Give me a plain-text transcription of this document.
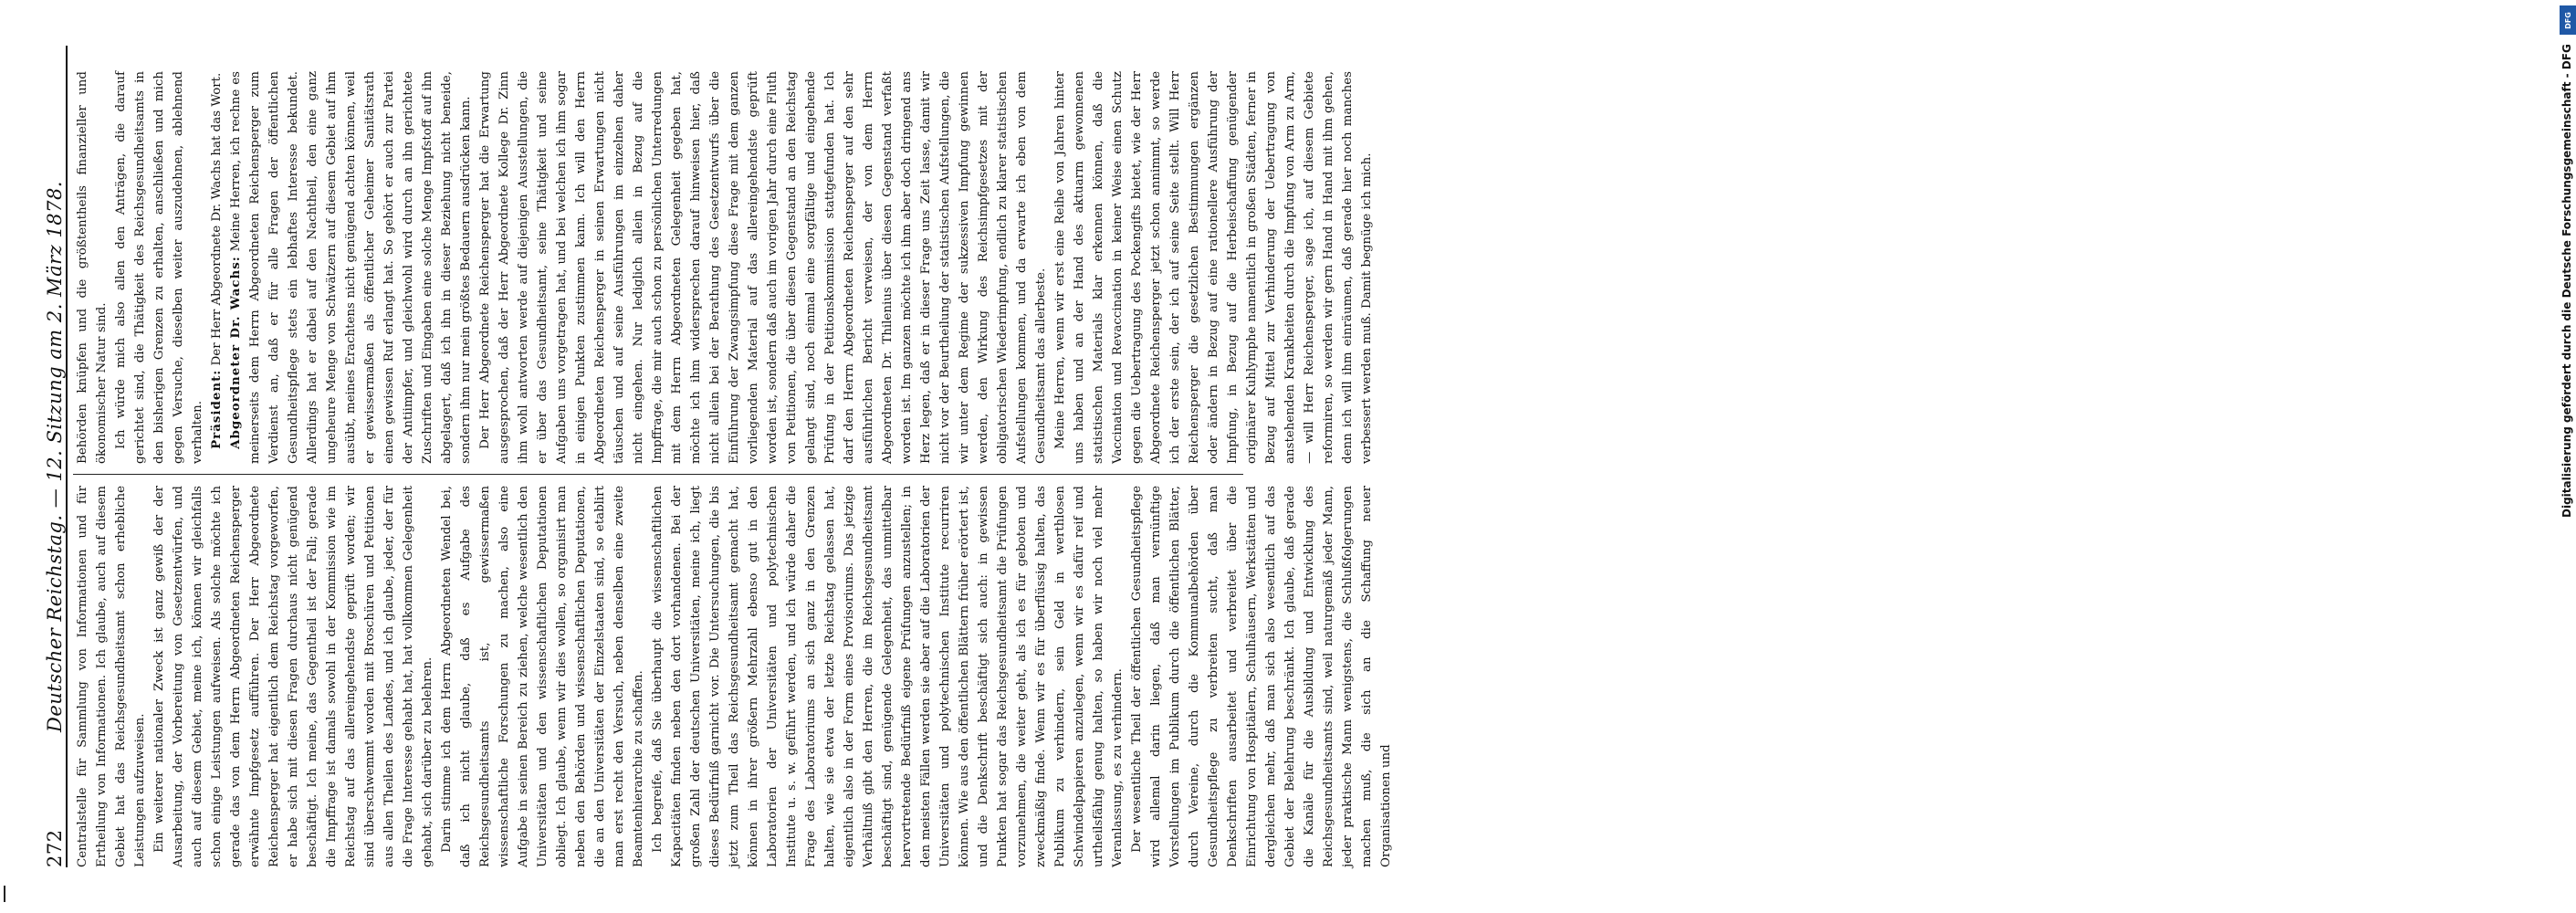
272
Deutscher Reichstag. — 12. Sitzung am 2. März 1878. Centralstelle für Sammlung von Informationen und für Ertheilung von Informationen. Ich glaube, auch auf diesem Gebiet hat das Reichsgesundheitsamt schon erhebliche Leistungen aufzuweisen. Ein weiterer nationaler Zweck ist ganz gewiß der der Ausarbeitung, der Vorbereitung von Gesetzentwürfen, und auch auf diesem Gebiet, meine ich, können wir gleichfalls schon einige Leistungen aufweisen. Als solche möchte ich gerade das von dem Herrn Abgeordneten Reichensperger erwähnte Impfgesetz aufführen. Der Herr Abgeordnete Reichensperger hat eigentlich dem Reichstag vorgeworfen, er habe sich mit diesen Fragen durchaus nicht genügend beschäftigt. Ich meine, das Gegentheil ist der Fall; gerade die Impffrage ist damals sowohl in der Kommission wie im Reichstag auf das allereingehendste geprüft worden; wir sind überschwemmt worden mit Broschüren und Petitionen aus allen Theilen des Landes, und ich glaube, jeder, der für die Frage Interesse gehabt hat, hat vollkommen Gelegenheit gehabt, sich darüber zu belehren. Darin stimme ich dem Herrn Abgeordneten Wendel bei, daß ich nicht glaube, daß es Aufgabe des Reichsgesundheitsamts ist, gewissermaßen wissenschaftliche Forschungen zu machen, also eine Aufgabe in seinen Bereich zu ziehen, welche wesentlich den Universitäten und den wissenschaftlichen Deputationen obliegt. Ich glaube, wenn wir dies wollen, so organisirt man neben den Behörden und wissenschaftlichen Deputationen, die an den Universitäten der Einzelstaaten sind, so etablirt man erst recht den Versuch, neben denselben eine zweite Beamtenhierarchie zu schaffen. Ich begreife, daß Sie überhaupt die wissenschaftlichen Kapacitäten finden neben den dort vorhandenen. Bei der großen Zahl der deutschen Universitäten, meine ich, liegt dieses Bedürfniß garnicht vor. Die Untersuchungen, die bis jetzt zum Theil das Reichsgesundheitsamt gemacht hat, können in ihrer größern Mehrzahl ebenso gut in den Laboratorien der Universitäten und polytechnischen Institute u. s. w. geführt werden, und ich würde daher die Frage des Laboratoriums an sich ganz in den Grenzen halten, wie sie etwa der letzte Reichstag gelassen hat, eigentlich also in der Form eines Provisoriums. Das jetzige Verhältniß gibt den Herren, die im Reichsgesundheitsamt beschäftigt sind, genügende Gelegenheit, das unmittelbar hervortretende Bedürfniß eigene Prüfungen anzustellen; in den meisten Fällen werden sie aber auf die Laboratorien der Universitäten und polytechnischen Institute recurriren können. Wie aus den öffentlichen Blättern früher erörtert ist, und die Denkschrift beschäftigt sich auch: in gewissen Punkten hat sogar das Reichsgesundheitsamt die Prüfungen vorzunehmen, die weiter geht, als ich es für geboten und zweckmäßig finde. Wenn wir es für überflüssig halten, das Publikum zu verhindern, sein Geld in werthlosen Schwindelpapieren anzulegen, wenn wir es dafür reif und urtheilsfähig genug halten, so haben wir noch viel mehr Veranlassung, es zu verhindern. Der wesentliche Theil der öffentlichen Gesundheitspflege wird allemal darin liegen, daß man vernünftige Vorstellungen im Publikum durch die öffentlichen Blätter, durch Vereine, durch die Kommunalbehörden über Gesundheitspflege zu verbreiten sucht, daß man Denkschriften ausarbeitet und verbreitet über die Einrichtung von Hospitälern, Schulhäusern, Werkstätten und dergleichen mehr, daß man sich also wesentlich auf das Gebiet der Belehrung beschränkt. Ich glaube, daß gerade die Kanäle für die Ausbildung und Entwicklung des Reichsgesundheitsamts sind, weil naturgemäß jeder Mann, jeder praktische Mann wenigstens, die Schlußfolgerungen machen muß, die sich an die Schaffung neuer Organisationen und

Behörden knüpfen und die größtentheils finanzieller und ökonomischer Natur sind. Ich würde mich also allen den Anträgen, die darauf gerichtet sind, die Thätigkeit des Reichsgesundheitsamts in den bisherigen Grenzen zu erhalten, anschließen und mich gegen Versuche, dieselben weiter auszudehnen, ablehnend verhalten. Präsident: Der Herr Abgeordnete Dr. Wachs hat das Wort. Abgeordneter Dr. Wachs: Meine Herren, ich rechne es meinerseits dem Herrn Abgeordneten Reichensperger zum Verdienst an, daß er für alle Fragen der öffentlichen Gesundheitspflege stets ein lebhaftes Interesse bekundet. Allerdings hat er dabei auf den Nachtheil, den eine ganz ungeheure Menge von Schwätzern auf diesem Gebiet auf ihm ausübt, meines Erachtens nicht genügend achten können, weil er gewissermaßen als öffentlicher Geheimer Sanitätsrath einen gewissen Ruf erlangt hat. So gehört er auch zur Partei der Antiimpfer, und gleichwohl wird durch an ihn gerichtete Zuschriften und Eingaben eine solche Menge Impfstoff auf ihn abgelagert, daß ich ihn in dieser Beziehung nicht beneide, sondern ihm nur mein größtes Bedauern ausdrücken kann. Der Herr Abgeordnete Reichensperger hat die Erwartung ausgesprochen, daß der Herr Abgeordnete Kollege Dr. Zinn ihm wohl antworten werde auf diejenigen Ausstellungen, die er über das Gesundheitsamt, seine Thätigkeit und seine Aufgaben uns vorgetragen hat, und bei welchen ich ihm sogar in einigen Punkten zustimmen kann. Ich will den Herrn Abgeordneten Reichensperger in seinen Erwartungen nicht täuschen und auf seine Ausführungen im einzelnen daher nicht eingehen. Nur lediglich allein in Bezug auf die Impffrage, die mir auch schon zu persönlichen Unterredungen mit dem Herrn Abgeordneten Gelegenheit gegeben hat, möchte ich ihm widersprechen darauf hinweisen hier, daß nicht allein bei der Berathung des Gesetzentwurfs über die Einführung der Zwangsimpfung diese Frage mit dem ganzen vorliegenden Material auf das allereingehendste geprüft worden ist, sondern daß auch im vorigen Jahr durch eine Fluth von Petitionen, die über diesen Gegenstand an den Reichstag gelangt sind, noch einmal eine sorgfältige und eingehende Prüfung in der Petitionskommission stattgefunden hat. Ich darf den Herrn Abgeordneten Reichensperger auf den sehr ausführlichen Bericht verweisen, der von dem Herrn Abgeordneten Dr. Thilenius über diesen Gegenstand verfaßt worden ist. Im ganzen möchte ich ihm aber doch dringend ans Herz legen, daß er in dieser Frage uns Zeit lasse, damit wir nicht vor der Beurtheilung der statistischen Aufstellungen, die wir unter dem Regime der sukzessiven Impfung gewinnen werden, den Wirkung des Reichsimpfgesetzes mit der obligatorischen Wiederimpfung, endlich zu klarer statistischen Aufstellungen kommen, und da erwarte ich eben von dem Gesundheitsamt das allerbeste. Meine Herren, wenn wir erst eine Reihe von Jahren hinter uns haben und an der Hand des aktuarm gewonnenen statistischen Materials klar erkennen können, daß die Vaccination und Revaccination in keiner Weise einen Schutz gegen die Uebertragung des Pockengifts bietet, wie der Herr Abgeordnete Reichensperger jetzt schon annimmt, so werde ich der erste sein, der ich auf seine Seite stellt. Will Herr Reichensperger die gesetzlichen Bestimmungen ergänzen oder ändern in Bezug auf eine rationellere Ausführung der Impfung, in Bezug auf die Herbeischaffung genügender originärer Kuhlymphe namentlich in großen Städten, ferner in Bezug auf Mittel zur Verhinderung der Uebertragung von anstehenden Krankheiten durch die Impfung von Arm zu Arm, — will Herr Reichensperger, sage ich, auf diesem Gebiete reformiren, so werden wir gern Hand in Hand mit ihm gehen, denn ich will ihm einräumen, daß gerade hier noch manches verbessert werden muß. Damit begnüge ich mich.

DFG
Digitalisierung gefördert durch die Deutsche Forschungsgemeinschaft - DFG
